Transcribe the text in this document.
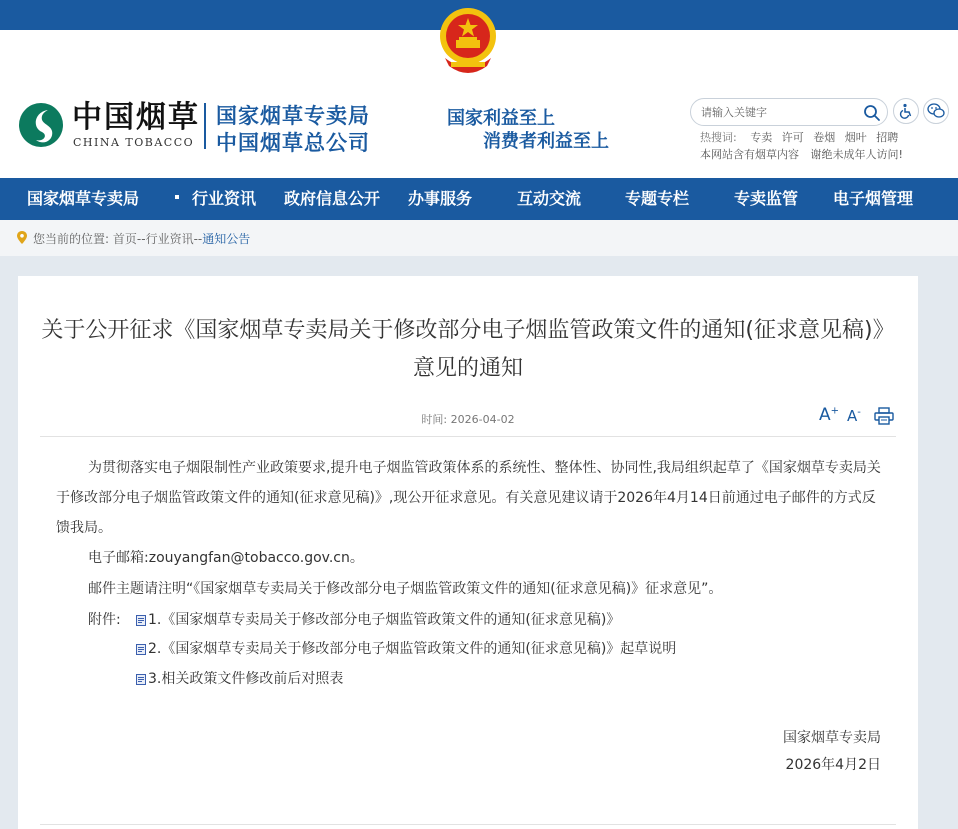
中国烟草
CHINA TOBACCO
国家烟草专卖局
中国烟草总公司
国家利益至上
消费者利益至上
请输入关键字	热搜词: 专卖 许可 卷烟 烟叶 招聘
本网站含有烟草内容 谢绝未成年人访问!
国家烟草专卖局	行业资讯 政府信息公开 办事服务	互动交流	专题专栏	专卖监管 电子烟管理
您当前的位置: 首页--行业资讯--通知公告
关于公开征求《国家烟草专卖局关于修改部分电子烟监管政策文件的通知(征求意见稿)》意见的通知
时间: 2026-04-02	A+ A-
为贯彻落实电子烟限制性产业政策要求,提升电子烟监管政策体系的系统性、整体性、协同性,我局组织起草了《国家烟草专卖局关于修改部分电子烟监管政策文件的通知(征求意见稿)》,现公开征求意见。有关意见建议请于2026年4月14日前通过电子邮件的方式反馈我局。
电子邮箱:zouyangfan@tobacco.gov.cn。
邮件主题请注明“《国家烟草专卖局关于修改部分电子烟监管政策文件的通知(征求意见稿)》征求意见”。
附件: 1.《国家烟草专卖局关于修改部分电子烟监管政策文件的通知(征求意见稿)》
2.《国家烟草专卖局关于修改部分电子烟监管政策文件的通知(征求意见稿)》起草说明
3.相关政策文件修改前后对照表
国家烟草专卖局
2026年4月2日
